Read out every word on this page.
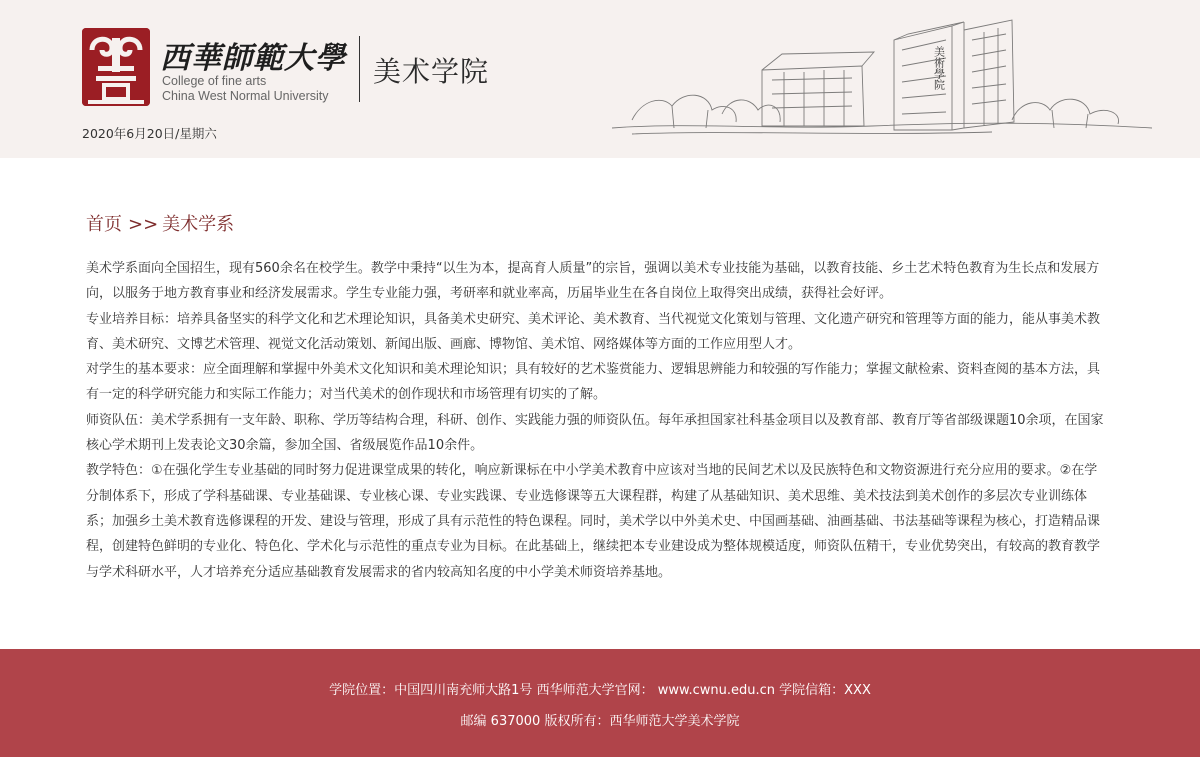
西華師範大學
College of fine arts
China West Normal University
美术学院
2020年6月20日/星期六
美術學院
首页 >> 美术学系

美术学系面向全国招生，现有560余名在校学生。教学中秉持“以生为本，提高育人质量”的宗旨，强调以美术专业技能为基础，以教育技能、乡土艺术特色教育为生长点和发展方向，以服务于地方教育事业和经济发展需求。学生专业能力强，考研率和就业率高，历届毕业生在各自岗位上取得突出成绩，获得社会好评。

专业培养目标：培养具备坚实的科学文化和艺术理论知识，具备美术史研究、美术评论、美术教育、当代视觉文化策划与管理、文化遗产研究和管理等方面的能力，能从事美术教育、美术研究、文博艺术管理、视觉文化活动策划、新闻出版、画廊、博物馆、美术馆、网络媒体等方面的工作应用型人才。

对学生的基本要求：应全面理解和掌握中外美术文化知识和美术理论知识；具有较好的艺术鉴赏能力、逻辑思辨能力和较强的写作能力；掌握文献检索、资料查阅的基本方法，具有一定的科学研究能力和实际工作能力；对当代美术的创作现状和市场管理有切实的了解。

师资队伍：美术学系拥有一支年龄、职称、学历等结构合理，科研、创作、实践能力强的师资队伍。每年承担国家社科基金项目以及教育部、教育厅等省部级课题10余项，在国家核心学术期刊上发表论文30余篇，参加全国、省级展览作品10余件。

教学特色：①在强化学生专业基础的同时努力促进课堂成果的转化，响应新课标在中小学美术教育中应该对当地的民间艺术以及民族特色和文物资源进行充分应用的要求。②在学分制体系下，形成了学科基础课、专业基础课、专业核心课、专业实践课、专业选修课等五大课程群，构建了从基础知识、美术思维、美术技法到美术创作的多层次专业训练体系；加强乡土美术教育选修课程的开发、建设与管理，形成了具有示范性的特色课程。同时，美术学以中外美术史、中国画基础、油画基础、书法基础等课程为核心，打造精品课程，创建特色鲜明的专业化、特色化、学术化与示范性的重点专业为目标。在此基础上，继续把本专业建设成为整体规模适度，师资队伍精干，专业优势突出，有较高的教育教学与学术科研水平，人才培养充分适应基础教育发展需求的省内较高知名度的中小学美术师资培养基地。

学院位置：中国四川南充师大路1号 西华师范大学官网： www.cwnu.edu.cn 学院信箱：XXX
邮编 637000 版权所有：西华师范大学美术学院
